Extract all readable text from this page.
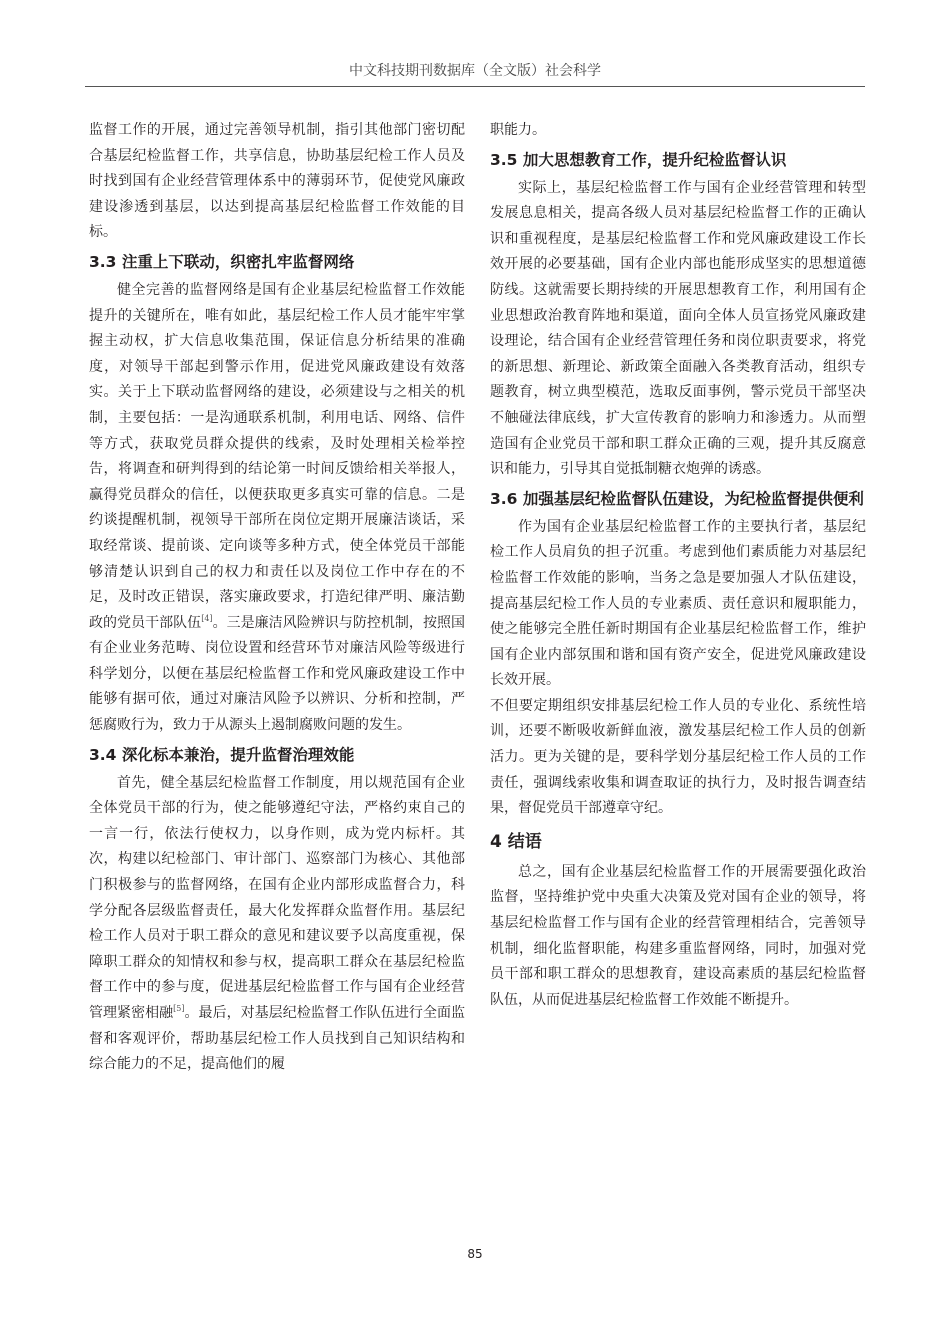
中文科技期刊数据库（全文版）社会科学

监督工作的开展，通过完善领导机制，指引其他部门密切配合基层纪检监督工作，共享信息，协助基层纪检工作人员及时找到国有企业经营管理体系中的薄弱环节，促使党风廉政建设渗透到基层，以达到提高基层纪检监督工作效能的目标。

3.3 注重上下联动，织密扎牢监督网络

健全完善的监督网络是国有企业基层纪检监督工作效能提升的关键所在，唯有如此，基层纪检工作人员才能牢牢掌握主动权，扩大信息收集范围，保证信息分析结果的准确度，对领导干部起到警示作用，促进党风廉政建设有效落实。关于上下联动监督网络的建设，必须建设与之相关的机制，主要包括：一是沟通联系机制，利用电话、网络、信件等方式，获取党员群众提供的线索，及时处理相关检举控告，将调查和研判得到的结论第一时间反馈给相关举报人，赢得党员群众的信任，以便获取更多真实可靠的信息。二是约谈提醒机制，视领导干部所在岗位定期开展廉洁谈话，采取经常谈、提前谈、定向谈等多种方式，使全体党员干部能够清楚认识到自己的权力和责任以及岗位工作中存在的不足，及时改正错误，落实廉政要求，打造纪律严明、廉洁勤政的党员干部队伍[4]。三是廉洁风险辨识与防控机制，按照国有企业业务范畴、岗位设置和经营环节对廉洁风险等级进行科学划分，以便在基层纪检监督工作和党风廉政建设工作中能够有据可依，通过对廉洁风险予以辨识、分析和控制，严惩腐败行为，致力于从源头上遏制腐败问题的发生。

3.4 深化标本兼治，提升监督治理效能

首先，健全基层纪检监督工作制度，用以规范国有企业全体党员干部的行为，使之能够遵纪守法，严格约束自己的一言一行，依法行使权力，以身作则，成为党内标杆。其次，构建以纪检部门、审计部门、巡察部门为核心、其他部门积极参与的监督网络，在国有企业内部形成监督合力，科学分配各层级监督责任，最大化发挥群众监督作用。基层纪检工作人员对于职工群众的意见和建议要予以高度重视，保障职工群众的知情权和参与权，提高职工群众在基层纪检监督工作中的参与度，促进基层纪检监督工作与国有企业经营管理紧密相融[5]。最后，对基层纪检监督工作队伍进行全面监督和客观评价，帮助基层纪检工作人员找到自己知识结构和综合能力的不足，提高他们的履

职能力。

3.5 加大思想教育工作，提升纪检监督认识

实际上，基层纪检监督工作与国有企业经营管理和转型发展息息相关，提高各级人员对基层纪检监督工作的正确认识和重视程度，是基层纪检监督工作和党风廉政建设工作长效开展的必要基础，国有企业内部也能形成坚实的思想道德防线。这就需要长期持续的开展思想教育工作，利用国有企业思想政治教育阵地和渠道，面向全体人员宣扬党风廉政建设理论，结合国有企业经营管理任务和岗位职责要求，将党的新思想、新理论、新政策全面融入各类教育活动，组织专题教育，树立典型模范，选取反面事例，警示党员干部坚决不触碰法律底线，扩大宣传教育的影响力和渗透力。从而塑造国有企业党员干部和职工群众正确的三观，提升其反腐意识和能力，引导其自觉抵制糖衣炮弹的诱惑。

3.6 加强基层纪检监督队伍建设，为纪检监督提供便利

作为国有企业基层纪检监督工作的主要执行者，基层纪检工作人员肩负的担子沉重。考虑到他们素质能力对基层纪检监督工作效能的影响，当务之急是要加强人才队伍建设，提高基层纪检工作人员的专业素质、责任意识和履职能力，使之能够完全胜任新时期国有企业基层纪检监督工作，维护国有企业内部氛围和谐和国有资产安全，促进党风廉政建设长效开展。

不但要定期组织安排基层纪检工作人员的专业化、系统性培训，还要不断吸收新鲜血液，激发基层纪检工作人员的创新活力。更为关键的是，要科学划分基层纪检工作人员的工作责任，强调线索收集和调查取证的执行力，及时报告调查结果，督促党员干部遵章守纪。

4 结语

总之，国有企业基层纪检监督工作的开展需要强化政治监督，坚持维护党中央重大决策及党对国有企业的领导，将基层纪检监督工作与国有企业的经营管理相结合，完善领导机制，细化监督职能，构建多重监督网络，同时，加强对党员干部和职工群众的思想教育，建设高素质的基层纪检监督队伍，从而促进基层纪检监督工作效能不断提升。

85
